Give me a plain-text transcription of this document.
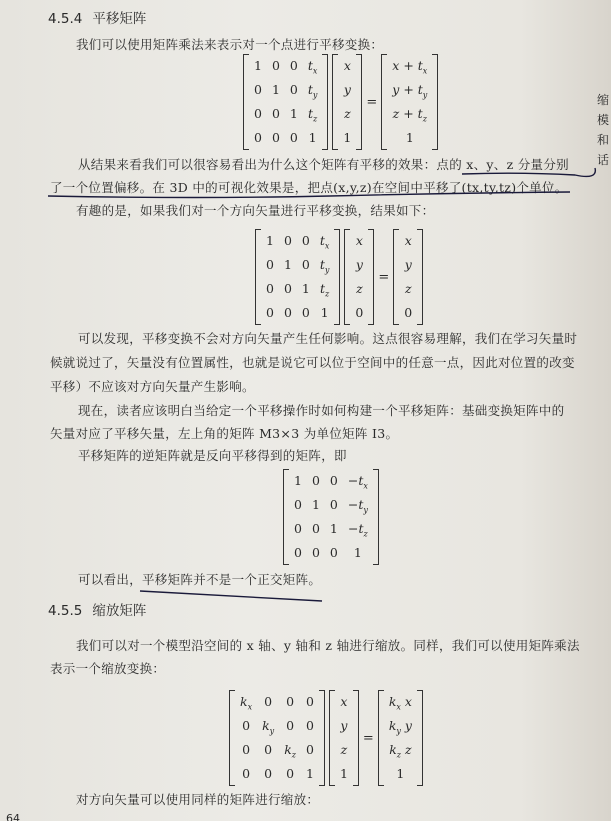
4.5.4 平移矩阵
我们可以使用矩阵乘法来表示对一个点进行平移变换：
1 0 0 $t_x$
0 1 0 $t_y$
0 0 1 $t_z$
0 0 0 1
x
y
z
1
=
$x + t_x$
$y + t_y$
$z + t_z$
1
从结果来看我们可以很容易看出为什么这个矩阵有平移的效果：点的 x、y、z 分量分别
了一个位置偏移。在 3D 中的可视化效果是，把点(x,y,z)在空间中平移了(tx,ty,tz)个单位。
有趣的是，如果我们对一个方向矢量进行平移变换，结果如下：
1 0 0 $t_x$
0 1 0 $t_y$
0 0 1 $t_z$
0 0 0 1
x
y
z
0
=
x
y
z
0
可以发现，平移变换不会对方向矢量产生任何影响。这点很容易理解，我们在学习矢量时
候就说过了，矢量没有位置属性，也就是说它可以位于空间中的任意一点，因此对位置的改变
平移）不应该对方向矢量产生影响。
现在，读者应该明白当给定一个平移操作时如何构建一个平移矩阵：基础变换矩阵中的
矢量对应了平移矢量，左上角的矩阵 M3×3 为单位矩阵 I3。
平移矩阵的逆矩阵就是反向平移得到的矩阵，即
1 0 $0 -t_x$
0 1 $0 -t_y$
0 0 $1 -t_z$
0 0 0	1
可以看出，平移矩阵并不是一个正交矩阵。
4.5.5 缩放矩阵
我们可以对一个模型沿空间的 x 轴、y 轴和 z 轴进行缩放。同样，我们可以使用矩阵乘法
表示一个缩放变换：
$k_x$ 0	0 0
0 $k_y$ 0 0
0	0 $k_z$ 0
0	0	0 1
x
y
z
1
=
$k_x$ x
$k_y$ y
$k_z$ z
1
对方向矢量可以使用同样的矩阵进行缩放：
缩
模
和
话
64
